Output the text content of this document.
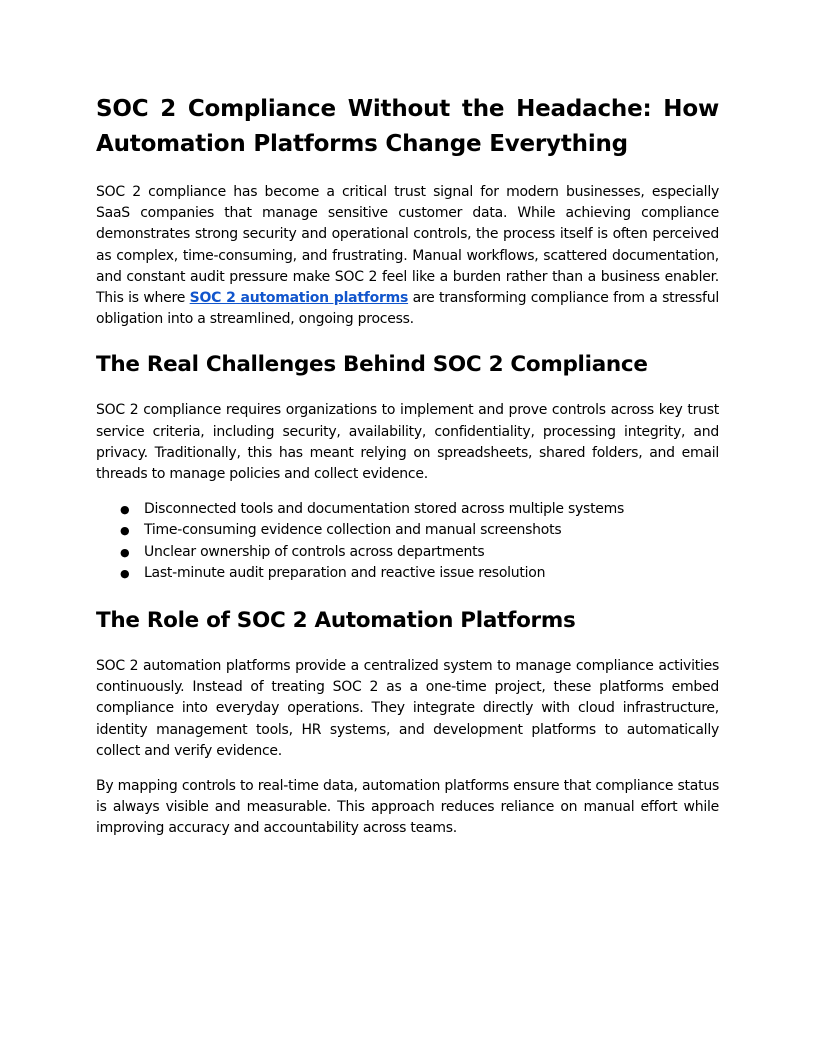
SOC 2 Compliance Without the Headache: How Automation Platforms Change Everything

SOC 2 compliance has become a critical trust signal for modern businesses, especially SaaS companies that manage sensitive customer data. While achieving compliance demonstrates strong security and operational controls, the process itself is often perceived as complex, time-consuming, and frustrating. Manual workflows, scattered documentation, and constant audit pressure make SOC 2 feel like a burden rather than a business enabler. This is where SOC 2 automation platforms are transforming compliance from a stressful obligation into a streamlined, ongoing process.

The Real Challenges Behind SOC 2 Compliance

SOC 2 compliance requires organizations to implement and prove controls across key trust service criteria, including security, availability, confidentiality, processing integrity, and privacy. Traditionally, this has meant relying on spreadsheets, shared folders, and email threads to manage policies and collect evidence.

● Disconnected tools and documentation stored across multiple systems
● Time-consuming evidence collection and manual screenshots
● Unclear ownership of controls across departments
● Last-minute audit preparation and reactive issue resolution
The Role of SOC 2 Automation Platforms

SOC 2 automation platforms provide a centralized system to manage compliance activities continuously. Instead of treating SOC 2 as a one-time project, these platforms embed compliance into everyday operations. They integrate directly with cloud infrastructure, identity management tools, HR systems, and development platforms to automatically collect and verify evidence.

By mapping controls to real-time data, automation platforms ensure that compliance status is always visible and measurable. This approach reduces reliance on manual effort while improving accuracy and accountability across teams.
